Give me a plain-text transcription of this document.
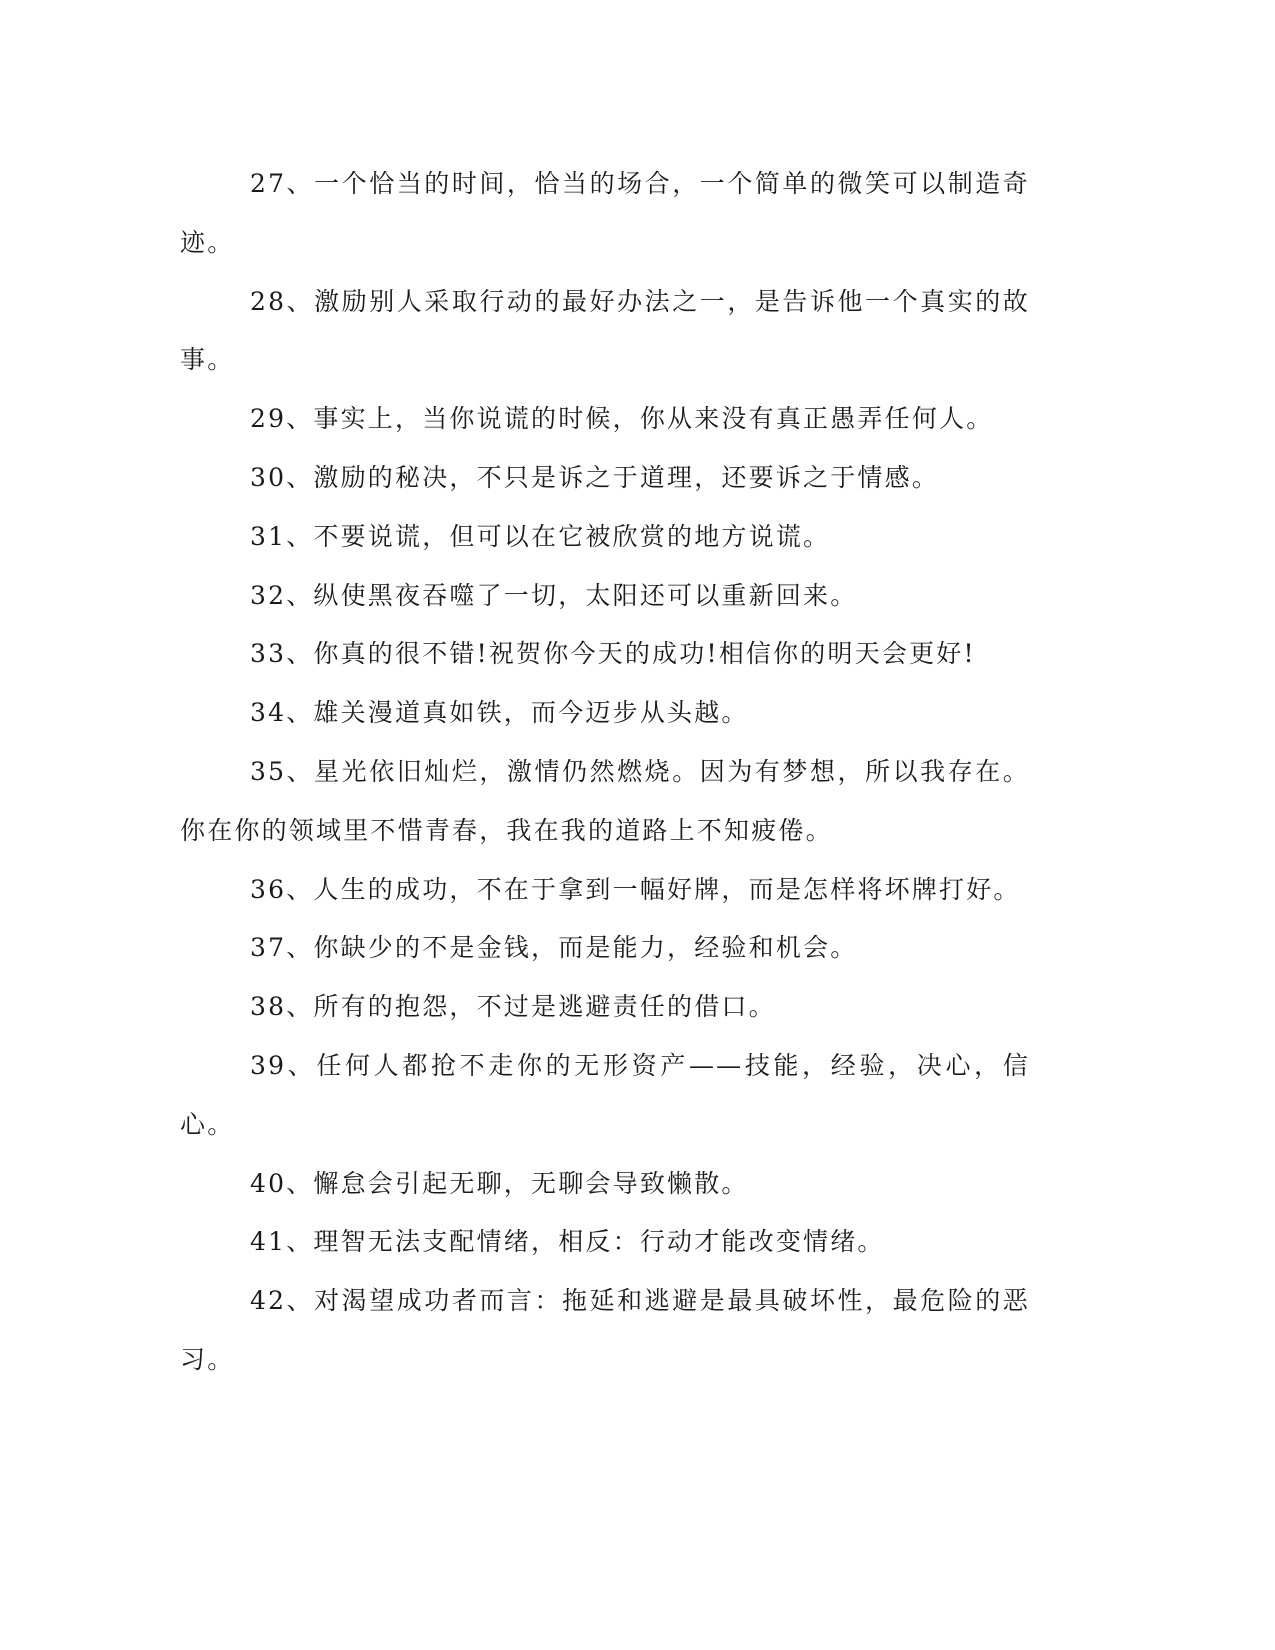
27、一个恰当的时间，恰当的场合，一个简单的微笑可以制造奇迹。

28、激励别人采取行动的最好办法之一，是告诉他一个真实的故事。

29、事实上，当你说谎的时候，你从来没有真正愚弄任何人。

30、激励的秘决，不只是诉之于道理，还要诉之于情感。

31、不要说谎，但可以在它被欣赏的地方说谎。

32、纵使黑夜吞噬了一切，太阳还可以重新回来。

33、你真的很不错!祝贺你今天的成功!相信你的明天会更好!

34、雄关漫道真如铁，而今迈步从头越。

35、星光依旧灿烂，激情仍然燃烧。因为有梦想，所以我存在。你在你的领域里不惜青春，我在我的道路上不知疲倦。

36、人生的成功，不在于拿到一幅好牌，而是怎样将坏牌打好。

37、你缺少的不是金钱，而是能力，经验和机会。

38、所有的抱怨，不过是逃避责任的借口。

39、任何人都抢不走你的无形资产——技能，经验，决心，信心。

40、懈怠会引起无聊，无聊会导致懒散。

41、理智无法支配情绪，相反：行动才能改变情绪。

42、对渴望成功者而言：拖延和逃避是最具破坏性，最危险的恶习。
